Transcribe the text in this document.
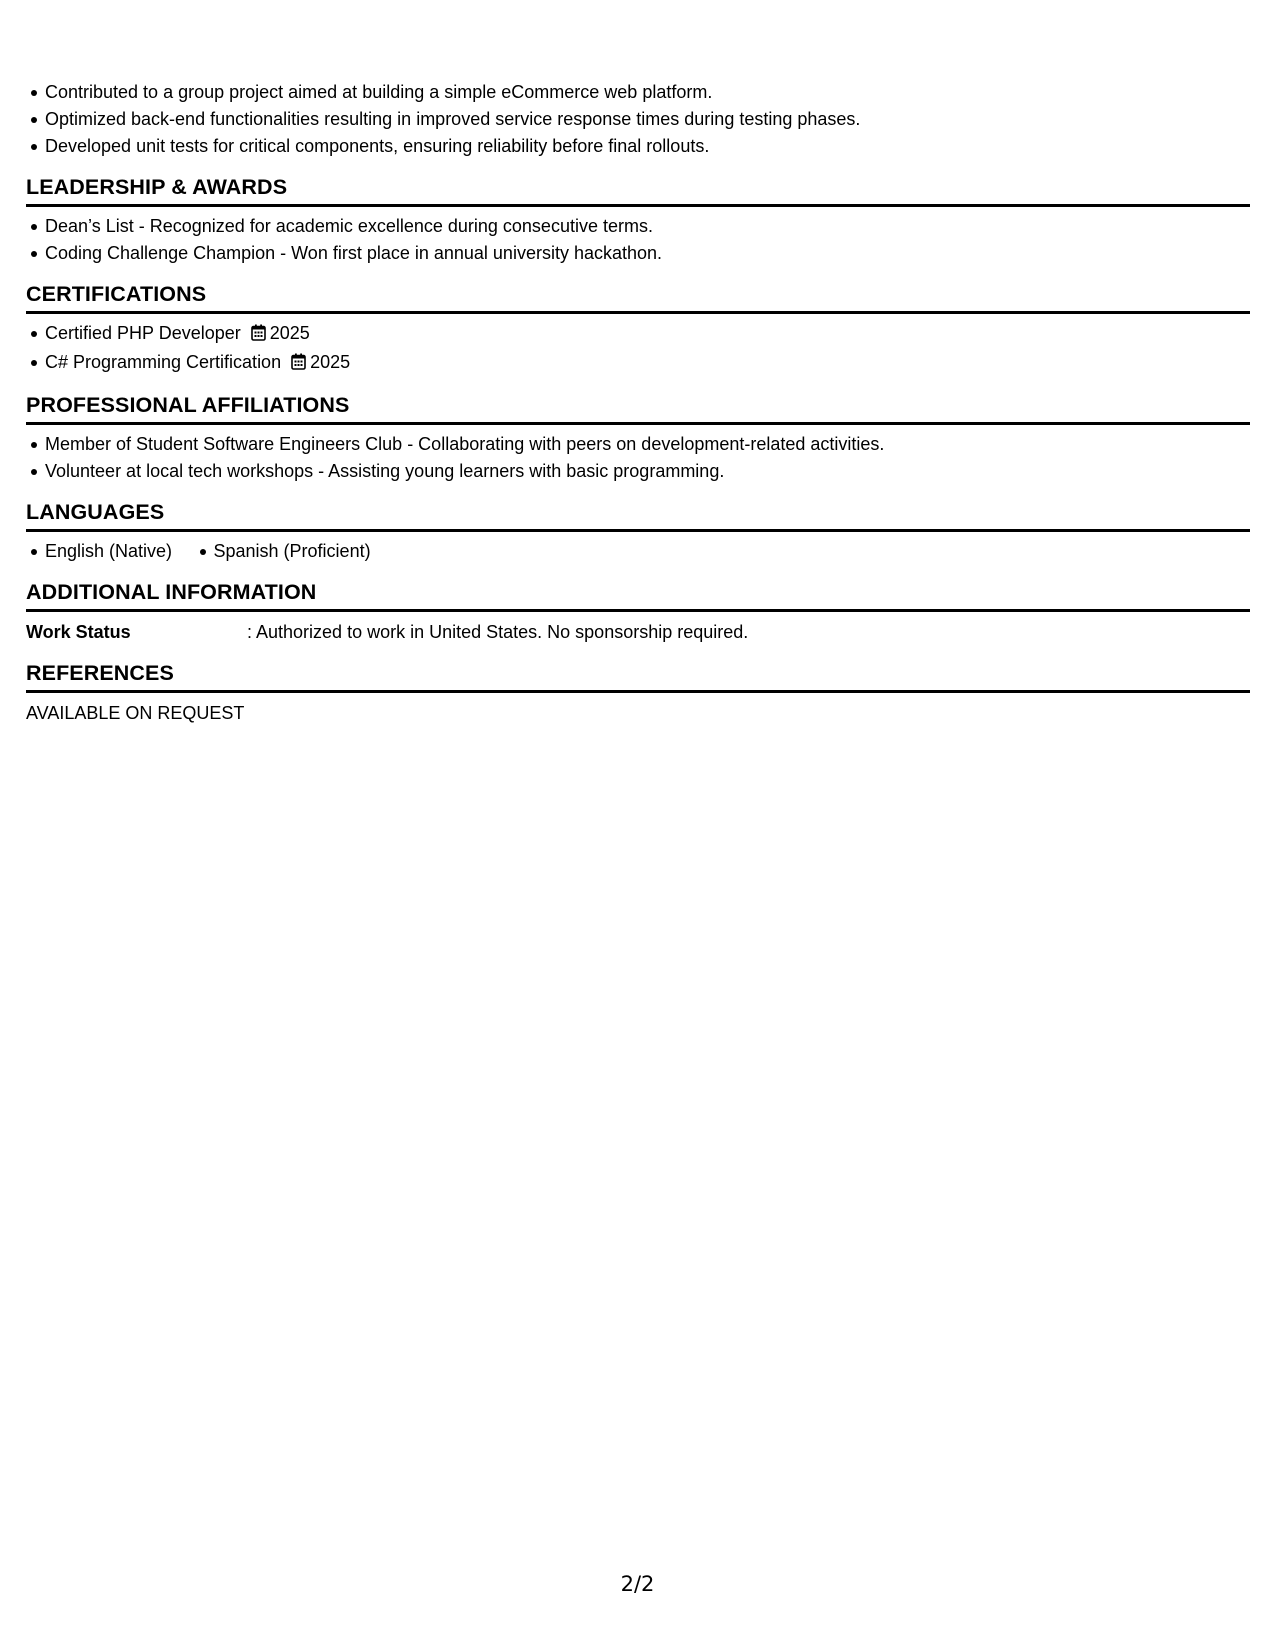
Contributed to a group project aimed at building a simple eCommerce web platform.
Optimized back-end functionalities resulting in improved service response times during testing phases.
Developed unit tests for critical components, ensuring reliability before final rollouts.
LEADERSHIP & AWARDS
Dean’s List - Recognized for academic excellence during consecutive terms.
Coding Challenge Champion - Won first place in annual university hackathon.
CERTIFICATIONS
Certified PHP Developer 2025
C# Programming Certification 2025
PROFESSIONAL AFFILIATIONS
Member of Student Software Engineers Club - Collaborating with peers on development-related activities.
Volunteer at local tech workshops - Assisting young learners with basic programming.
LANGUAGES
English (Native) Spanish (Proficient)
ADDITIONAL INFORMATION
Work Status	: Authorized to work in United States. No sponsorship required.
REFERENCES
AVAILABLE ON REQUEST
2/2
